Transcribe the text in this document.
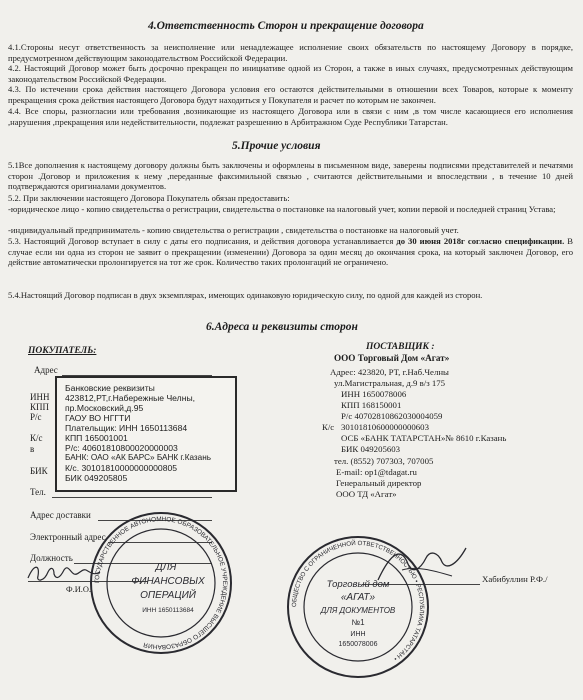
4.Ответственность Сторон и прекращение договора
4.1.Стороны несут ответственность за неисполнение или ненадлежащее исполнение своих обязательств по настоящему Договору в порядке, предусмотренном действующим законодательством Российской Федерации.
4.2. Настоящий Договор может быть досрочно прекращен по инициативе одной из Сторон, а также в иных случаях, предусмотренных действующим законодательством Российской Федерации.
4.3. По истечении срока действия настоящего Договора условия его остаются действительными в отношении всех Товаров, которые к моменту прекращения срока действия настоящего Договора будут находиться у Покупателя и расчет по которым не закончен.
4.4. Все споры, разногласии или требования ,возникающие из настоящего Договора или в связи с ним ,в том числе касающиеся его исполнения ,нарушения ,прекращения или недействительности, подлежат разрешению в Арбитражном Суде Республики Татарстан.
5.Прочие условия
5.1Все дополнения к настоящему договору должны быть заключены и оформлены в письменном виде, заверены подписями представителей и печатями сторон .Договор и приложения к нему ,переданные факсимильной связью , считаются действительными и впоследствии , в течение 10 дней подтверждаются оригиналами документов.
5.2. При заключении настоящего Договора Покупатель обязан предоставить:
-юридическое лицо - копию свидетельства о регистрации, свидетельства о постановке на налоговый учет, копии первой и последней страниц Устава;
-индивидуальный предприниматель - копию свидетельства о регистрации , свидетельства о постановке на налоговый учет.
5.3. Настоящий Договор вступает в силу с даты его подписания, и действия договора устанавливается до 30 июня 2018г согласно спецификации. В случае если ни одна из сторон не заявит о прекращении (изменении) Договора за один месяц до окончания срока, на который заключен Договор, его действие автоматически пролонгируется на тот же срок. Количество таких пролонгаций не ограничено.
5.4.Настоящий Договор подписан в двух экземплярах, имеющих одинаковую юридическую силу, по одной для каждей из сторон.
6.Адреса и реквизиты сторон
ПОКУПАТЕЛЬ:	ПОСТАВЩИК :
Адрес
ИНН
КПП
Р/с
К/с
в
БИК
Тел.
Адрес доставки
Электронный адрес
Должность
Ф.И.О.
Банковские реквизиты
423812,РТ,г.Набережные Челны,
пр.Московский,д.95
ГАОУ ВО НГГТИ
Плательщик: ИНН 1650113684
КПП 165001001
Р/с: 40601810800020000003
БАНК: ОАО «АК БАРС» БАНК г.Казань
К/с. 30101810000000000805
БИК 049205805
ГОСУДАРСТВЕННОЕ АВТОНОМНОЕ ОБРАЗОВАТЕЛЬНОЕ УЧРЕЖДЕНИЕ ВЫСШЕГО ОБРАЗОВАНИЯ
ДЛЯ
ФИНАНСОВЫХ
ОПЕРАЦИЙ
ИНН 1650113684
ООО Торговый Дом «Агат»
Адрес: 423820, РТ, г.Наб.Челны
ул.Магистральная, д.9 в/з 175
ИНН 1650078006
КПП 168150001
Р/с 40702810862030004059
К/с 30101810600000000603
ОСБ «БАНК ТАТАРСТАН»№ 8610 г.Казань
БИК 049205603
тел. (8552) 707303, 707005
E-mail: op1@tdagat.ru
Генеральный директор
ООО ТД «Агат»
Хабибуллин Р.Ф./
ОБЩЕСТВО С ОГРАНИЧЕННОЙ ОТВЕТСТВЕННОСТЬЮ • РЕСПУБЛИКА ТАТАРСТАН •
Торговый дом
«АГАТ»
ДЛЯ ДОКУМЕНТОВ
№1
ИНН
1650078006
